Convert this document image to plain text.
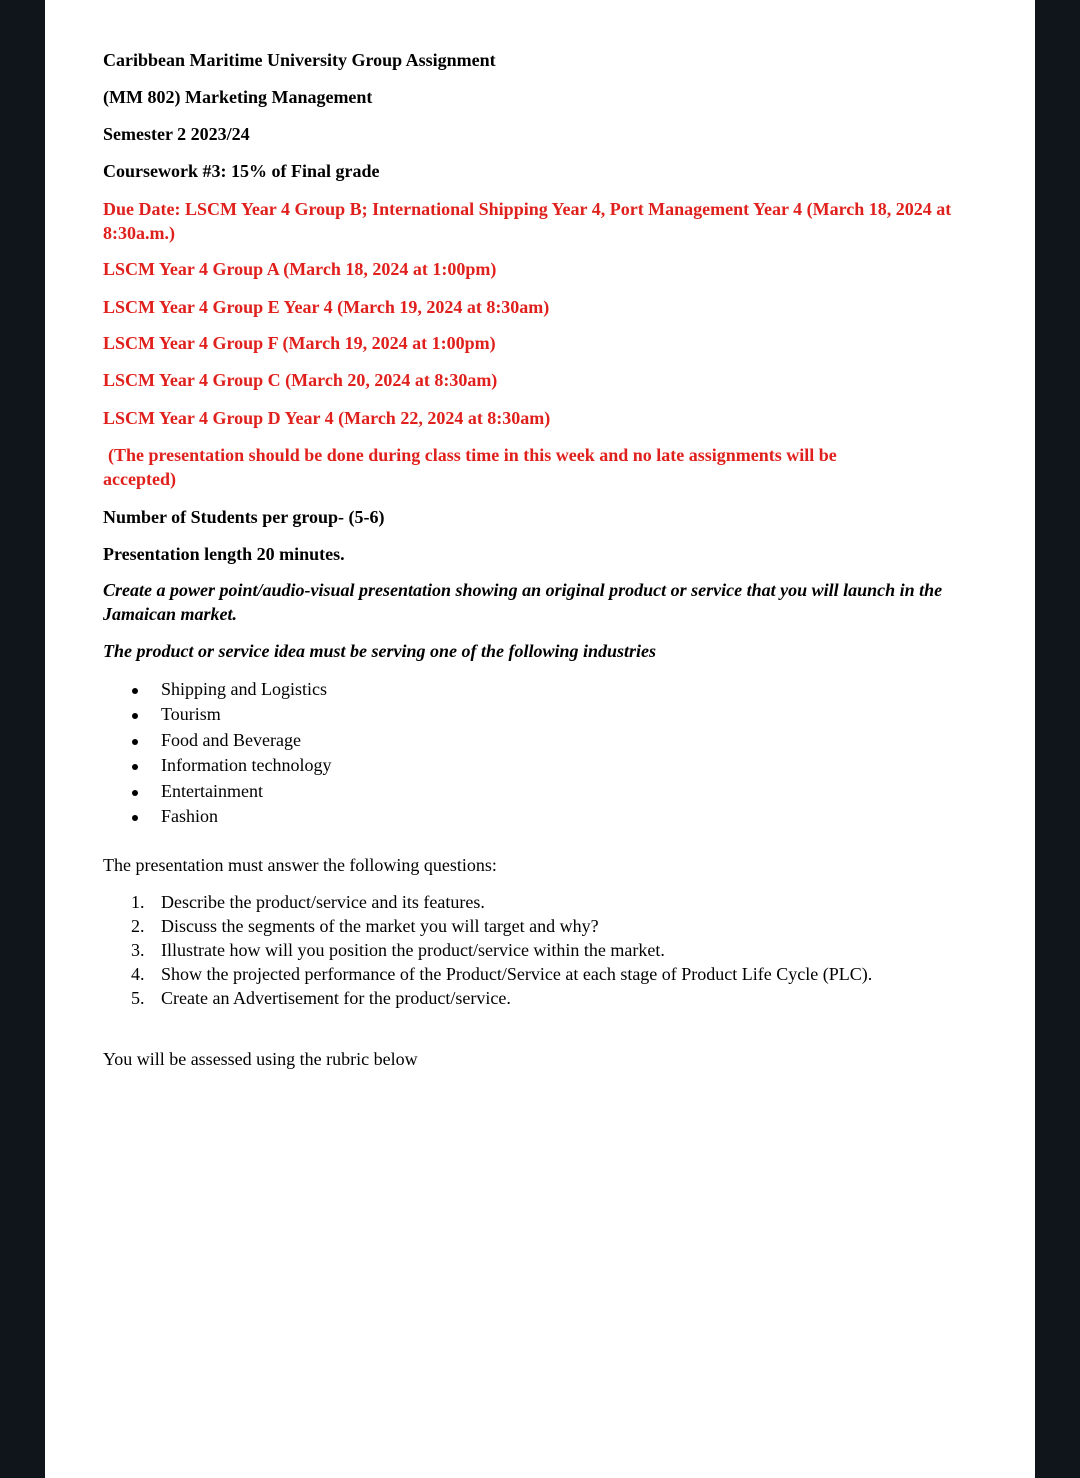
Caribbean Maritime University Group Assignment
(MM 802) Marketing Management
Semester 2 2023/24
Coursework #3: 15% of Final grade
Due Date: LSCM Year 4 Group B; International Shipping Year 4, Port Management Year 4 (March 18, 2024 at 8:30a.m.)
LSCM Year 4 Group A (March 18, 2024 at 1:00pm)
LSCM Year 4 Group E Year 4 (March 19, 2024 at 8:30am)
LSCM Year 4 Group F (March 19, 2024 at 1:00pm)
LSCM Year 4 Group C (March 20, 2024 at 8:30am)
LSCM Year 4 Group D Year 4 (March 22, 2024 at 8:30am)
(The presentation should be done during class time in this week and no late assignments will be accepted)
Number of Students per group- (5-6)
Presentation length 20 minutes.
Create a power point/audio-visual presentation showing an original product or service that you will launch in the Jamaican market.
The product or service idea must be serving one of the following industries
Shipping and Logistics
Tourism
Food and Beverage
Information technology
Entertainment
Fashion
The presentation must answer the following questions:
1. Describe the product/service and its features.
2. Discuss the segments of the market you will target and why?
3. Illustrate how will you position the product/service within the market.
4. Show the projected performance of the Product/Service at each stage of Product Life Cycle (PLC).
5. Create an Advertisement for the product/service.
You will be assessed using the rubric below
